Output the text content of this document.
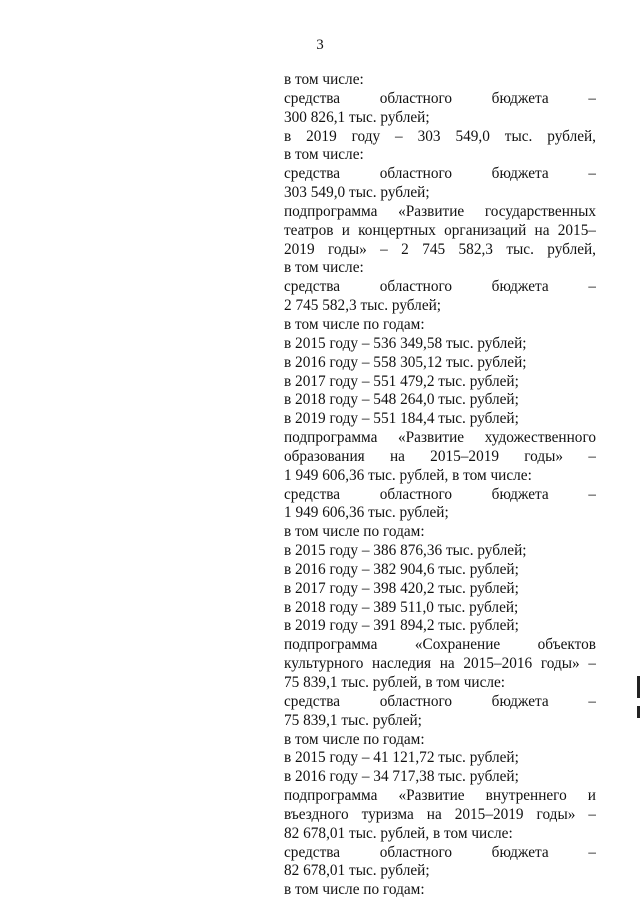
3
в том числе:
средства областного бюджета –
300 826,1 тыс. рублей;
в 2019 году – 303 549,0 тыс. рублей,
в том числе:
средства областного бюджета –
303 549,0 тыс. рублей;
подпрограмма «Развитие государственных
театров и концертных организаций на 2015–
2019 годы» – 2 745 582,3 тыс. рублей,
в том числе:
средства областного бюджета –
2 745 582,3 тыс. рублей;
в том числе по годам:
в 2015 году – 536 349,58 тыс. рублей;
в 2016 году – 558 305,12 тыс. рублей;
в 2017 году – 551 479,2 тыс. рублей;
в 2018 году – 548 264,0 тыс. рублей;
в 2019 году – 551 184,4 тыс. рублей;
подпрограмма «Развитие художественного
образования на 2015–2019 годы» –
1 949 606,36 тыс. рублей, в том числе:
средства областного бюджета –
1 949 606,36 тыс. рублей;
в том числе по годам:
в 2015 году – 386 876,36 тыс. рублей;
в 2016 году – 382 904,6 тыс. рублей;
в 2017 году – 398 420,2 тыс. рублей;
в 2018 году – 389 511,0 тыс. рублей;
в 2019 году – 391 894,2 тыс. рублей;
подпрограмма «Сохранение объектов
культурного наследия на 2015–2016 годы» –
75 839,1 тыс. рублей, в том числе:
средства областного бюджета –
75 839,1 тыс. рублей;
в том числе по годам:
в 2015 году – 41 121,72 тыс. рублей;
в 2016 году – 34 717,38 тыс. рублей;
подпрограмма «Развитие внутреннего и
въездного туризма на 2015–2019 годы» –
82 678,01 тыс. рублей, в том числе:
средства областного бюджета –
82 678,01 тыс. рублей;
в том числе по годам:
